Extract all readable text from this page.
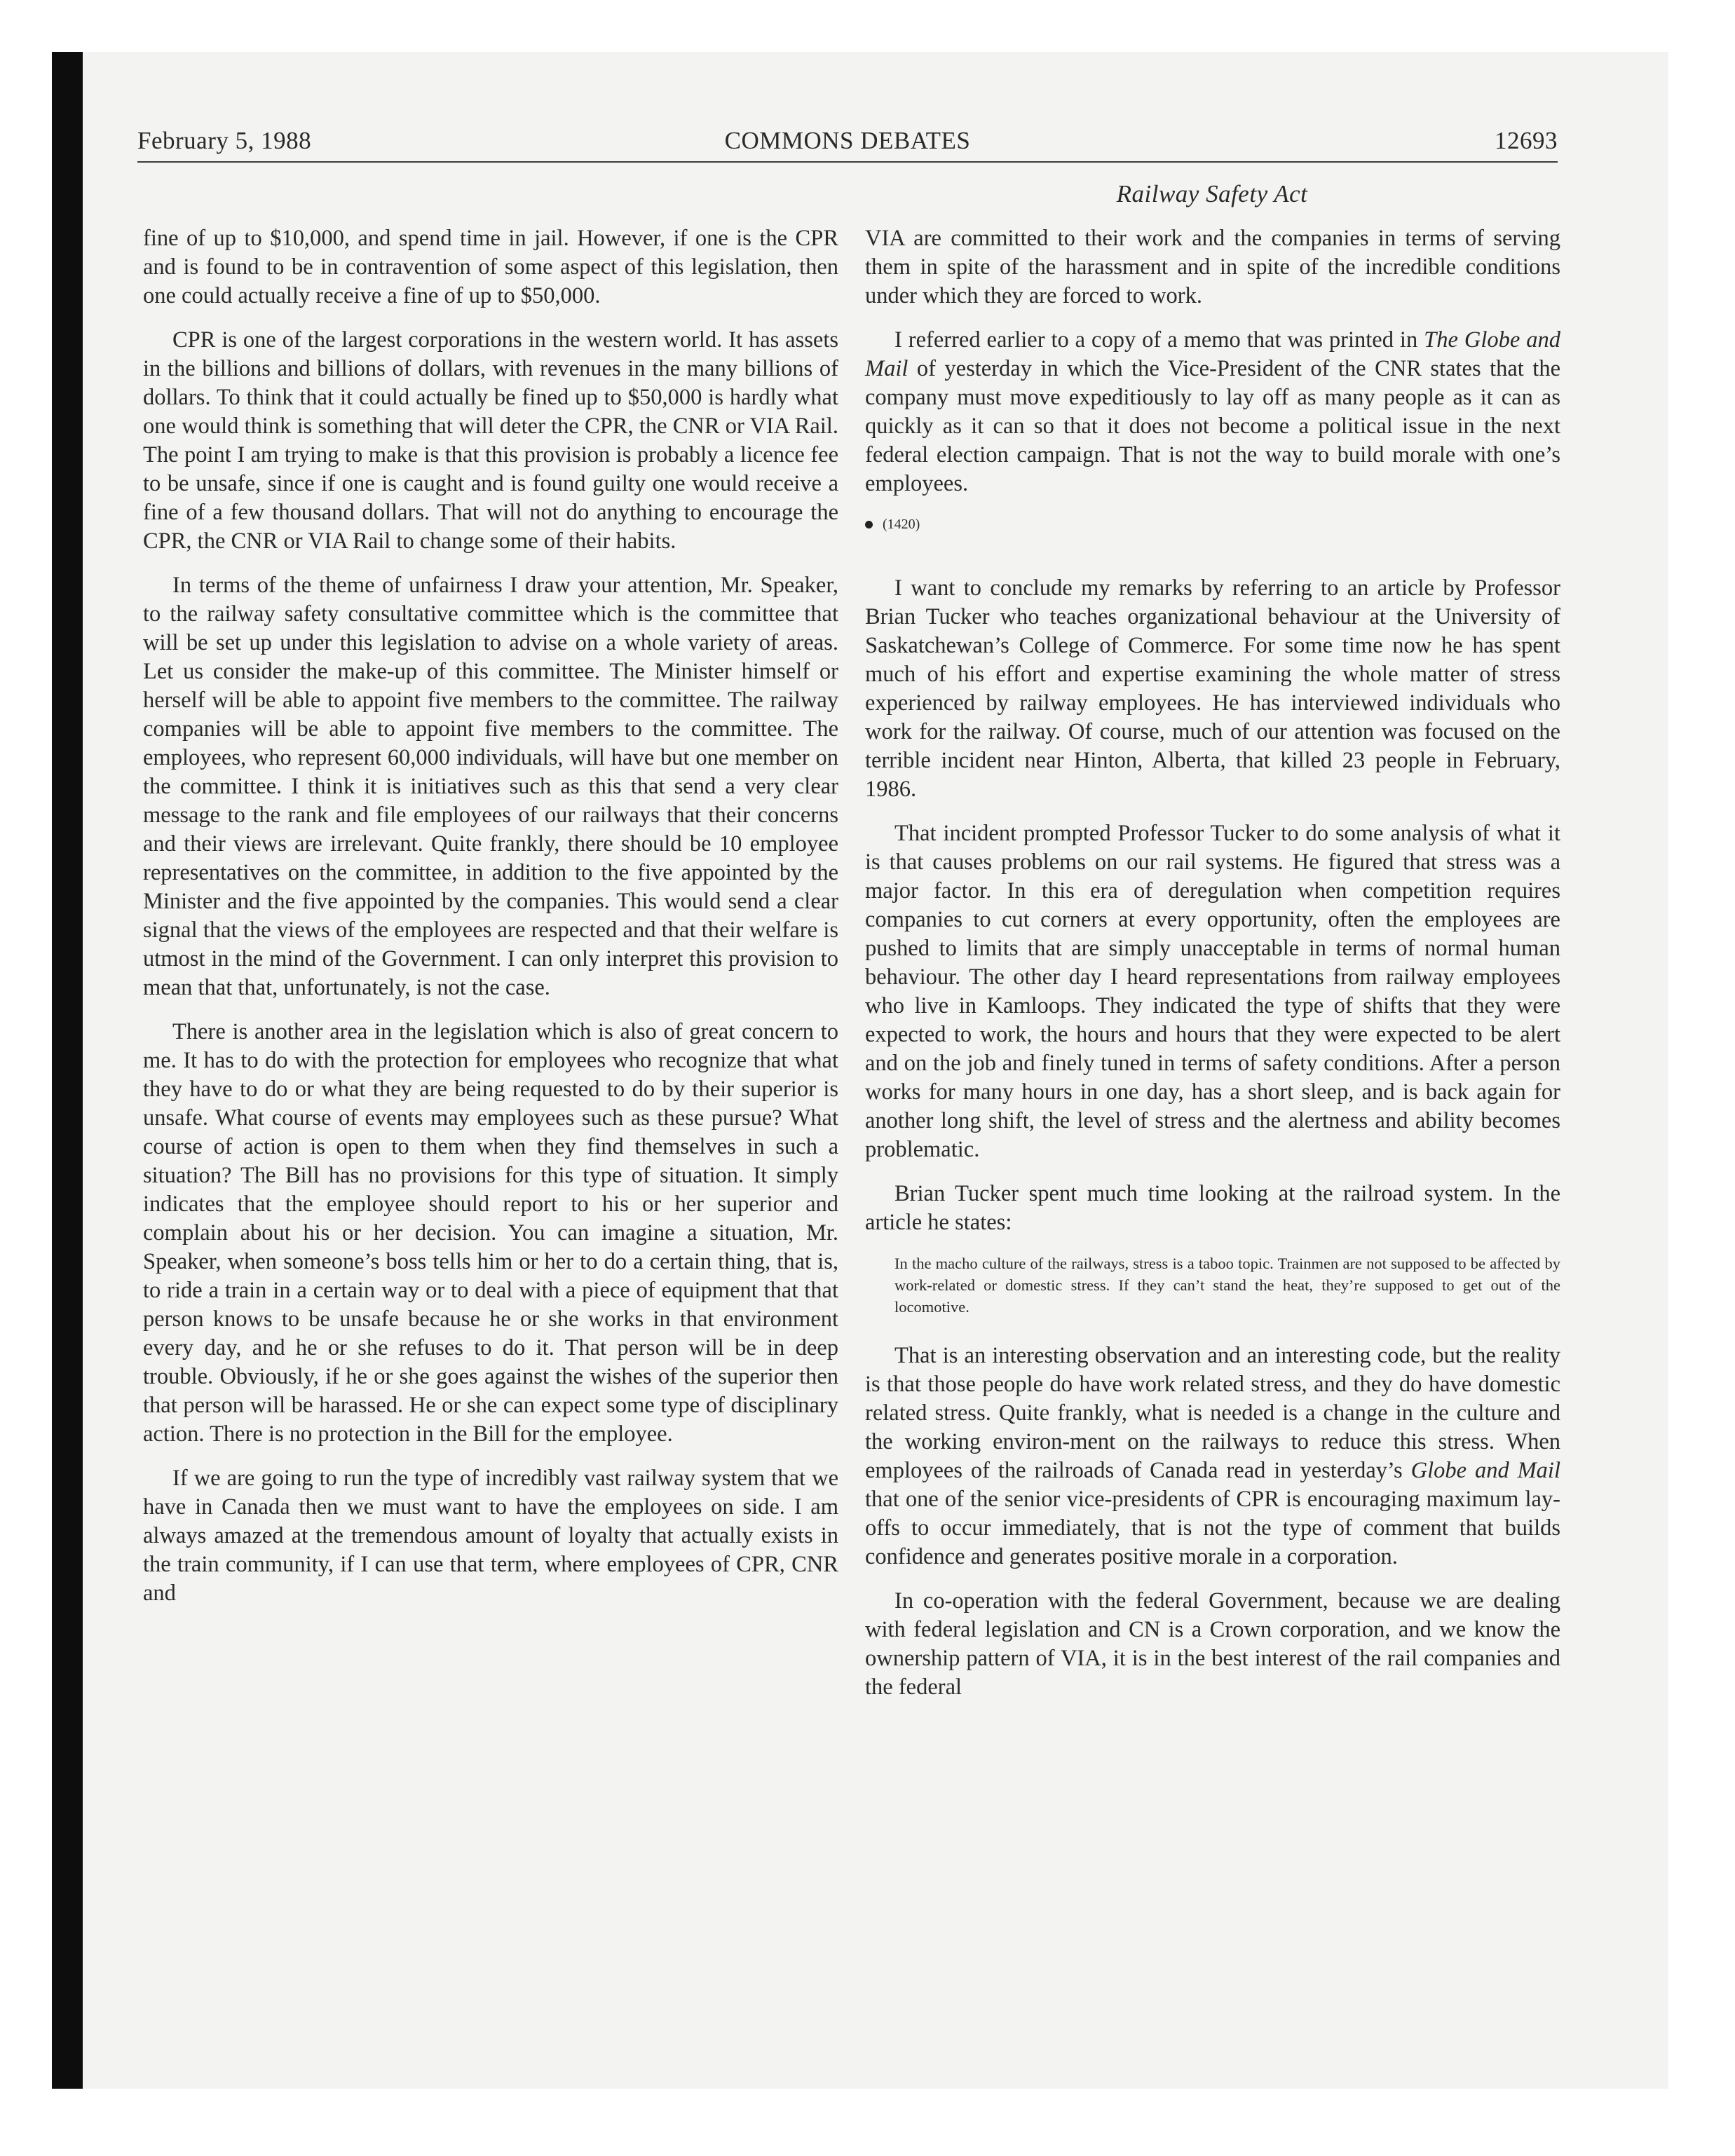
February 5, 1988	COMMONS DEBATES	12693
Railway Safety Act

fine of up to $10,000, and spend time in jail. However, if one is the CPR and is found to be in contravention of some aspect of this legislation, then one could actually receive a fine of up to $50,000.

CPR is one of the largest corporations in the western world. It has assets in the billions and billions of dollars, with revenues in the many billions of dollars. To think that it could actually be fined up to $50,000 is hardly what one would think is something that will deter the CPR, the CNR or VIA Rail. The point I am trying to make is that this provision is probably a licence fee to be unsafe, since if one is caught and is found guilty one would receive a fine of a few thousand dollars. That will not do anything to encourage the CPR, the CNR or VIA Rail to change some of their habits.

In terms of the theme of unfairness I draw your attention, Mr. Speaker, to the railway safety consultative committee which is the committee that will be set up under this legislation to advise on a whole variety of areas. Let us consider the make-up of this committee. The Minister himself or herself will be able to appoint five members to the committee. The railway companies will be able to appoint five members to the committee. The employees, who represent 60,000 individuals, will have but one member on the committee. I think it is initiatives such as this that send a very clear message to the rank and file employees of our railways that their concerns and their views are irrelevant. Quite frankly, there should be 10 employee representatives on the committee, in addition to the five appointed by the Minister and the five appointed by the companies. This would send a clear signal that the views of the employees are respected and that their welfare is utmost in the mind of the Government. I can only interpret this provision to mean that that, unfortunately, is not the case.

There is another area in the legislation which is also of great concern to me. It has to do with the protection for employees who recognize that what they have to do or what they are being requested to do by their superior is unsafe. What course of events may employees such as these pursue? What course of action is open to them when they find themselves in such a situation? The Bill has no provisions for this type of situation. It simply indicates that the employee should report to his or her superior and complain about his or her decision. You can imagine a situation, Mr. Speaker, when someone’s boss tells him or her to do a certain thing, that is, to ride a train in a certain way or to deal with a piece of equipment that that person knows to be unsafe because he or she works in that environment every day, and he or she refuses to do it. That person will be in deep trouble. Obviously, if he or she goes against the wishes of the superior then that person will be harassed. He or she can expect some type of disciplinary action. There is no protection in the Bill for the employee.

If we are going to run the type of incredibly vast railway system that we have in Canada then we must want to have the employees on side. I am always amazed at the tremendous amount of loyalty that actually exists in the train community, if I can use that term, where employees of CPR, CNR and

VIA are committed to their work and the companies in terms of serving them in spite of the harassment and in spite of the incredible conditions under which they are forced to work.

I referred earlier to a copy of a memo that was printed in The Globe and Mail of yesterday in which the Vice-President of the CNR states that the company must move expeditiously to lay off as many people as it can as quickly as it can so that it does not become a political issue in the next federal election campaign. That is not the way to build morale with one’s employees.

(1420)

I want to conclude my remarks by referring to an article by Professor Brian Tucker who teaches organizational behaviour at the University of Saskatchewan’s College of Commerce. For some time now he has spent much of his effort and expertise examining the whole matter of stress experienced by railway employees. He has interviewed individuals who work for the railway. Of course, much of our attention was focused on the terrible incident near Hinton, Alberta, that killed 23 people in February, 1986.

That incident prompted Professor Tucker to do some analysis of what it is that causes problems on our rail systems. He figured that stress was a major factor. In this era of deregulation when competition requires companies to cut corners at every opportunity, often the employees are pushed to limits that are simply unacceptable in terms of normal human behaviour. The other day I heard representations from railway employees who live in Kamloops. They indicated the type of shifts that they were expected to work, the hours and hours that they were expected to be alert and on the job and finely tuned in terms of safety conditions. After a person works for many hours in one day, has a short sleep, and is back again for another long shift, the level of stress and the alertness and ability becomes problematic.

Brian Tucker spent much time looking at the railroad system. In the article he states:

In the macho culture of the railways, stress is a taboo topic. Trainmen are not supposed to be affected by work-related or domestic stress. If they can’t stand the heat, they’re supposed to get out of the locomotive.

That is an interesting observation and an interesting code, but the reality is that those people do have work related stress, and they do have domestic related stress. Quite frankly, what is needed is a change in the culture and the working environ-ment on the railways to reduce this stress. When employees of the railroads of Canada read in yesterday’s Globe and Mail that one of the senior vice-presidents of CPR is encouraging maximum lay-offs to occur immediately, that is not the type of comment that builds confidence and generates positive morale in a corporation.

In co-operation with the federal Government, because we are dealing with federal legislation and CN is a Crown corporation, and we know the ownership pattern of VIA, it is in the best interest of the rail companies and the federal
